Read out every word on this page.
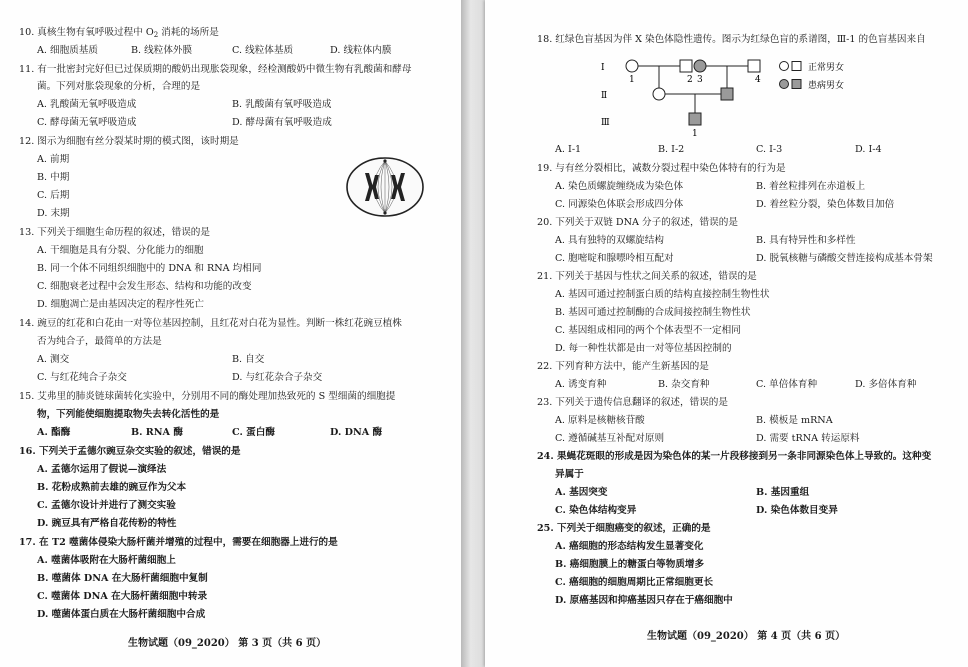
10. 真核生物有氧呼吸过程中 $O_2$ 消耗的场所是
A. 细胞质基质	B. 线粒体外膜	C. 线粒体基质	D. 线粒体内膜
11. 有一批密封完好但已过保质期的酸奶出现胀袋现象，经检测酸奶中微生物有乳酸菌和酵母
菌。下列对胀袋现象的分析，合理的是
A. 乳酸菌无氧呼吸造成	B. 乳酸菌有氧呼吸造成
C. 酵母菌无氧呼吸造成	D. 酵母菌有氧呼吸造成
12. 图示为细胞有丝分裂某时期的模式图，该时期是
A. 前期
B. 中期
C. 后期
D. 末期
13. 下列关于细胞生命历程的叙述，错误的是
A. 干细胞是具有分裂、分化能力的细胞
B. 同一个体不同组织细胞中的 DNA 和 RNA 均相同
C. 细胞衰老过程中会发生形态、结构和功能的改变
D. 细胞凋亡是由基因决定的程序性死亡
14. 豌豆的红花和白花由一对等位基因控制，且红花对白花为显性。判断一株红花豌豆植株
否为纯合子，最简单的方法是
A. 测交	B. 自交
C. 与红花纯合子杂交	D. 与红花杂合子杂交
15. 艾弗里的肺炎链球菌转化实验中，分别用不同的酶处理加热致死的 S 型细菌的细胞提
物，下列能使细胞提取物失去转化活性的是
A. 酯酶	B. RNA 酶	C. 蛋白酶	D. DNA 酶
16. 下列关于孟德尔豌豆杂交实验的叙述，错误的是
A. 孟德尔运用了假说—演绎法
B. 花粉成熟前去雄的豌豆作为父本
C. 孟德尔设计并进行了测交实验
D. 豌豆具有严格自花传粉的特性
17. 在 T2 噬菌体侵染大肠杆菌并增殖的过程中，需要在细胞器上进行的是
A. 噬菌体吸附在大肠杆菌细胞上
B. 噬菌体 DNA 在大肠杆菌细胞中复制
C. 噬菌体 DNA 在大肠杆菌细胞中转录
D. 噬菌体蛋白质在大肠杆菌细胞中合成
生物试题（09_2020） 第 3 页（共 6 页）
18. 红绿色盲基因为伴 X 染色体隐性遗传。图示为红绿色盲的系谱图，Ⅲ-1 的色盲基因来自
Ⅰ
Ⅱ
Ⅲ
1	2 3	4
1
正常男女
患病男女
A. Ⅰ-1	B. Ⅰ-2	C. Ⅰ-3	D. Ⅰ-4
19. 与有丝分裂相比，减数分裂过程中染色体特有的行为是
A. 染色质螺旋缠绕成为染色体	B. 着丝粒排列在赤道板上
C. 同源染色体联会形成四分体	D. 着丝粒分裂，染色体数目加倍
20. 下列关于双链 DNA 分子的叙述，错误的是
A. 具有独特的双螺旋结构	B. 具有特异性和多样性
C. 胞嘧啶和腺嘌呤相互配对	D. 脱氧核糖与磷酸交替连接构成基本骨架
21. 下列关于基因与性状之间关系的叙述，错误的是
A. 基因可通过控制蛋白质的结构直接控制生物性状
B. 基因可通过控制酶的合成间接控制生物性状
C. 基因组成相同的两个个体表型不一定相同
D. 每一种性状都是由一对等位基因控制的
22. 下列育种方法中，能产生新基因的是
A. 诱变育种	B. 杂交育种	C. 单倍体育种	D. 多倍体育种
23. 下列关于遗传信息翻译的叙述，错误的是
A. 原料是核糖核苷酸	B. 模板是 mRNA
C. 遵循碱基互补配对原则	D. 需要 tRNA 转运原料
24. 果蝇花斑眼的形成是因为染色体的某一片段移接到另一条非同源染色体上导致的。这种变
异属于
A. 基因突变	B. 基因重组
C. 染色体结构变异	D. 染色体数目变异
25. 下列关于细胞癌变的叙述，正确的是
A. 癌细胞的形态结构发生显著变化
B. 癌细胞膜上的糖蛋白等物质增多
C. 癌细胞的细胞周期比正常细胞更长
D. 原癌基因和抑癌基因只存在于癌细胞中
生物试题（09_2020） 第 4 页（共 6 页）
